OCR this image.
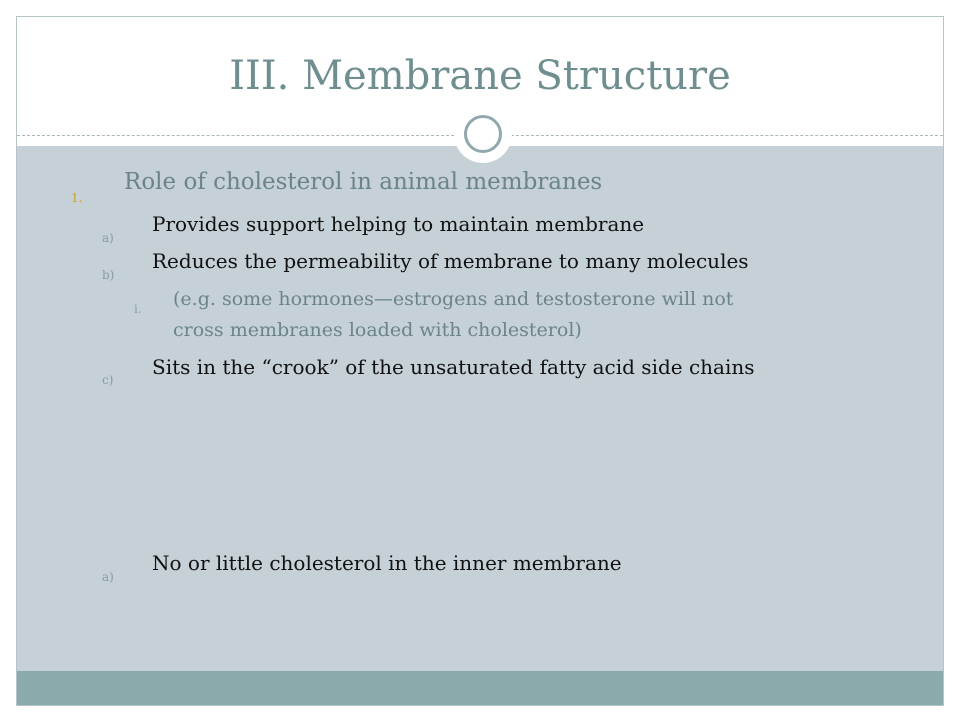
III. Membrane Structure
1.
Role of cholesterol in animal membranes
a)
Provides support helping to maintain membrane
b)
Reduces the permeability of membrane to many molecules
i. (e.g. some hormones—estrogens and testosterone will not
cross membranes loaded with cholesterol)
c)
Sits in the “crook” of the unsaturated fatty acid side chains
a)
No or little cholesterol in the inner membrane
